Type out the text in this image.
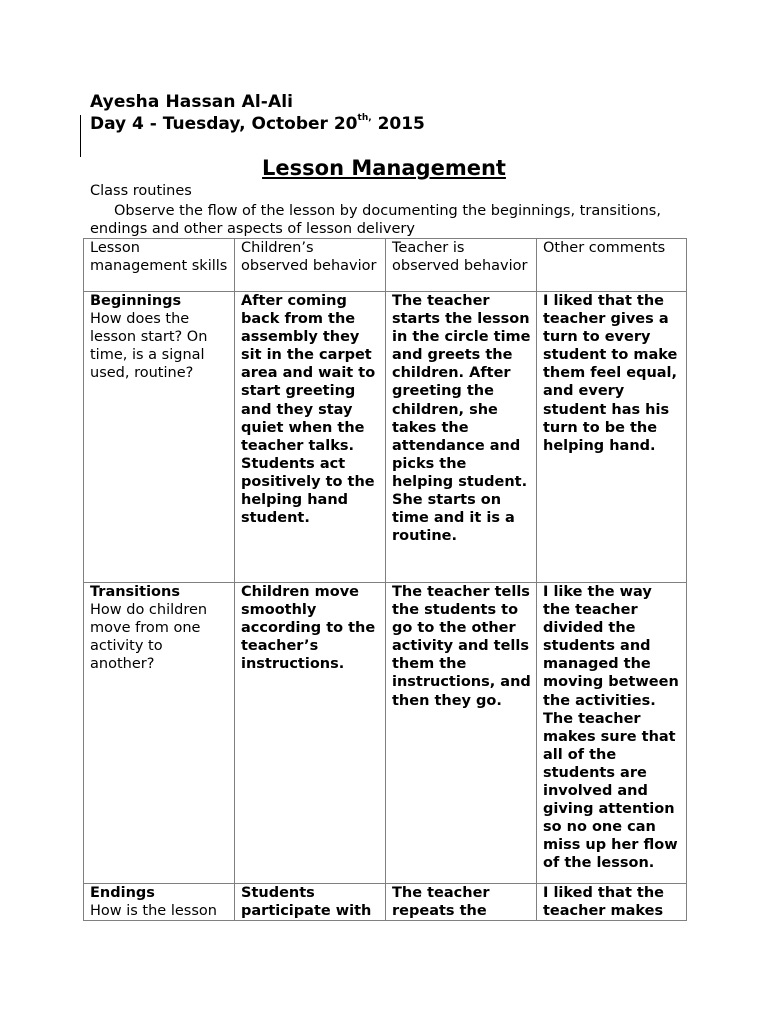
Ayesha Hassan Al-Ali
Day 4 - Tuesday, October $20^{th,}$ 2015
Lesson Management
Class routines
Observe the flow of the lesson by documenting the beginnings, transitions, endings and other aspects of lesson delivery
Lesson management skills	Children’s observed behavior	Teacher is observed behavior	Other comments

Beginnings
How does the lesson start? On time, is a signal used, routine?	After coming back from the assembly they sit in the carpet area and wait to start greeting and they stay quiet when the teacher talks. Students act positively to the helping hand student.	The teacher starts the lesson in the circle time and greets the children. After greeting the children, she takes the attendance and picks the helping student. She starts on time and it is a routine.	I liked that the teacher gives a turn to every student to make them feel equal, and every student has his turn to be the helping hand.

Transitions
How do children move from one activity to another?	Children move smoothly according to the teacher’s instructions.	The teacher tells the students to go to the other activity and tells them the instructions, and then they go.	I like the way the teacher divided the students and managed the moving between the activities. The teacher makes sure that all of the students are involved and giving attention so no one can miss up her flow of the lesson.

Endings
How is the lesson	Students participate with	The teacher repeats the	I liked that the teacher makes
